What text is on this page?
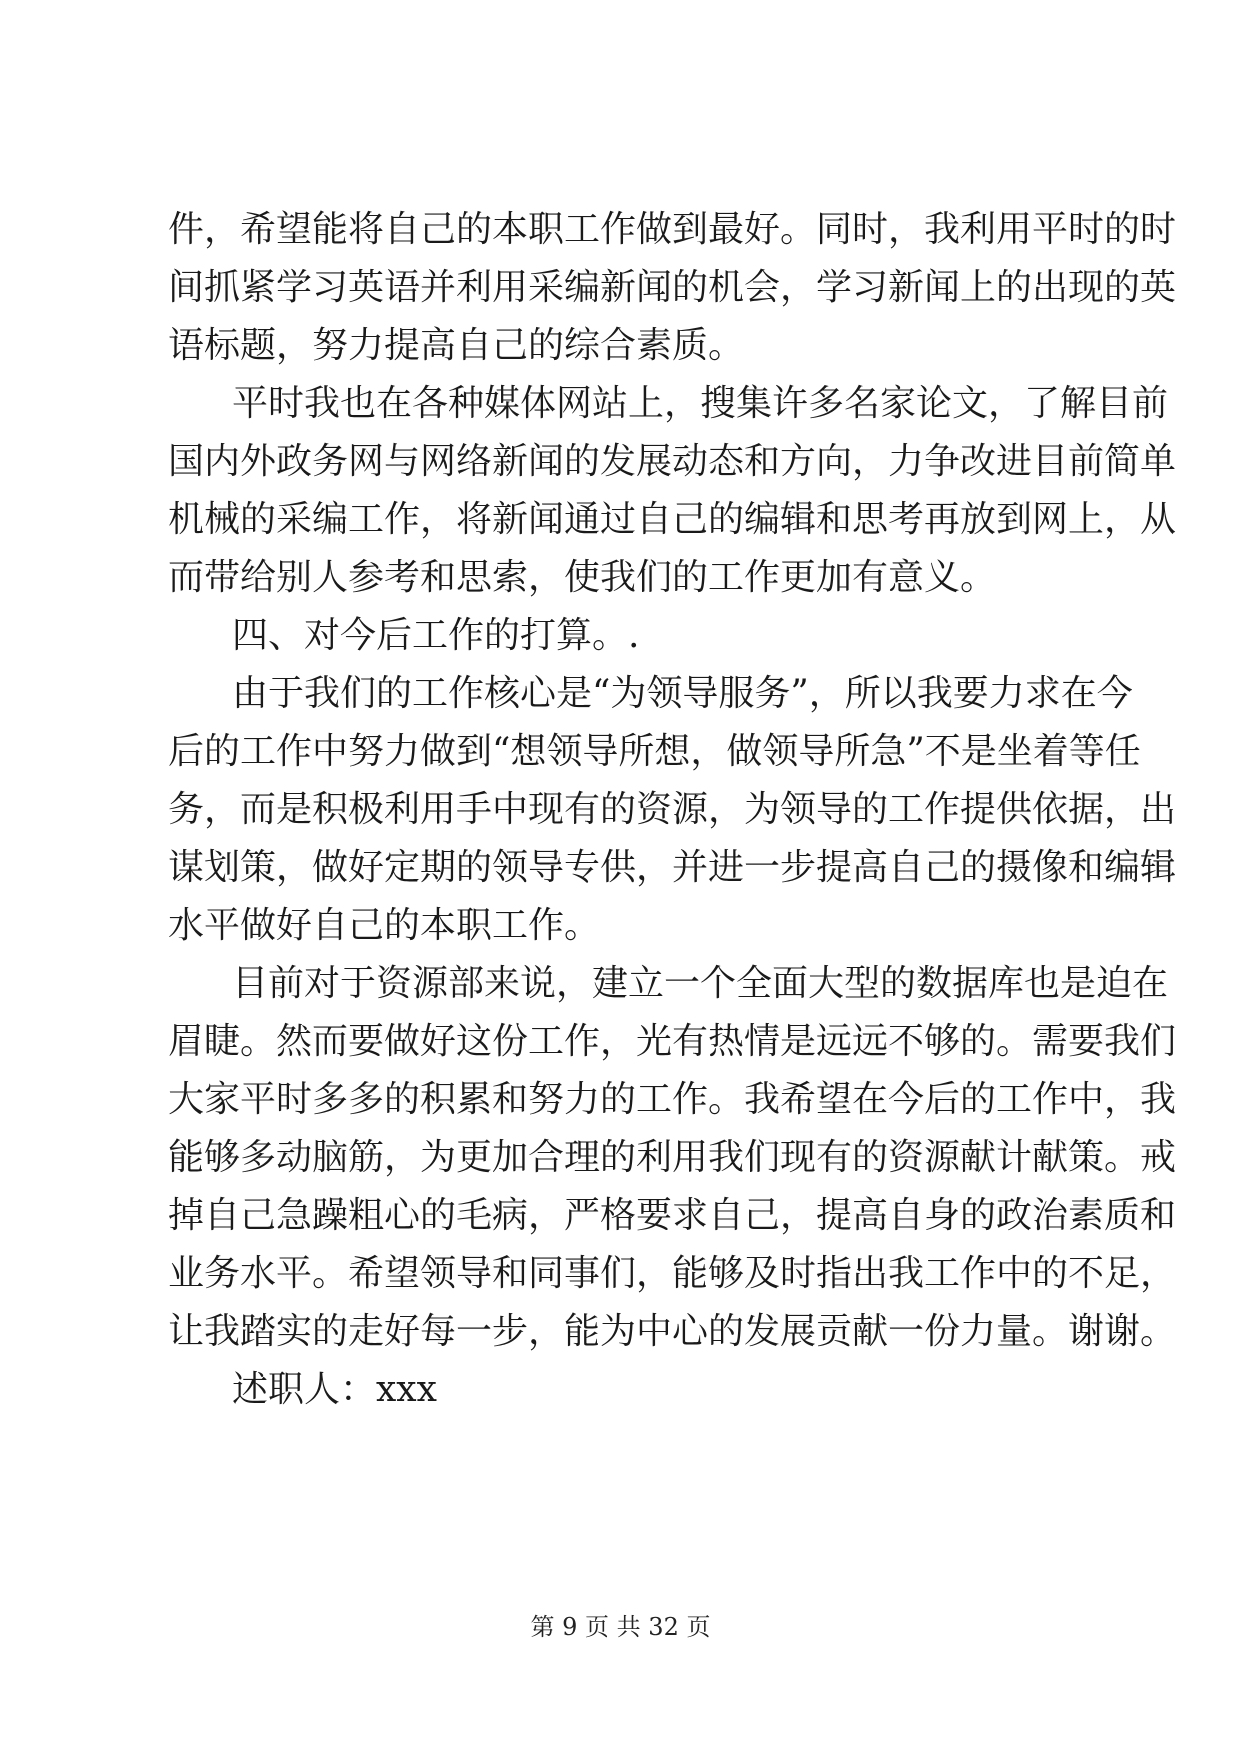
件，希望能将自己的本职工作做到最好。同时，我利用平时的时
间抓紧学习英语并利用采编新闻的机会，学习新闻上的出现的英
语标题，努力提高自己的综合素质。
平时我也在各种媒体网站上，搜集许多名家论文，了解目前
国内外政务网与网络新闻的发展动态和方向，力争改进目前简单
机械的采编工作，将新闻通过自己的编辑和思考再放到网上，从
而带给别人参考和思索，使我们的工作更加有意义。
四、对今后工作的打算。.
由于我们的工作核心是“为领导服务”，所以我要力求在今
后的工作中努力做到“想领导所想，做领导所急”不是坐着等任
务，而是积极利用手中现有的资源，为领导的工作提供依据，出
谋划策，做好定期的领导专供，并进一步提高自己的摄像和编辑
水平做好自己的本职工作。
目前对于资源部来说，建立一个全面大型的数据库也是迫在
眉睫。然而要做好这份工作，光有热情是远远不够的。需要我们
大家平时多多的积累和努力的工作。我希望在今后的工作中，我
能够多动脑筋，为更加合理的利用我们现有的资源献计献策。戒
掉自己急躁粗心的毛病，严格要求自己，提高自身的政治素质和
业务水平。希望领导和同事们，能够及时指出我工作中的不足，
让我踏实的走好每一步，能为中心的发展贡献一份力量。谢谢。
述职人：xxx
第 9 页 共 32 页
